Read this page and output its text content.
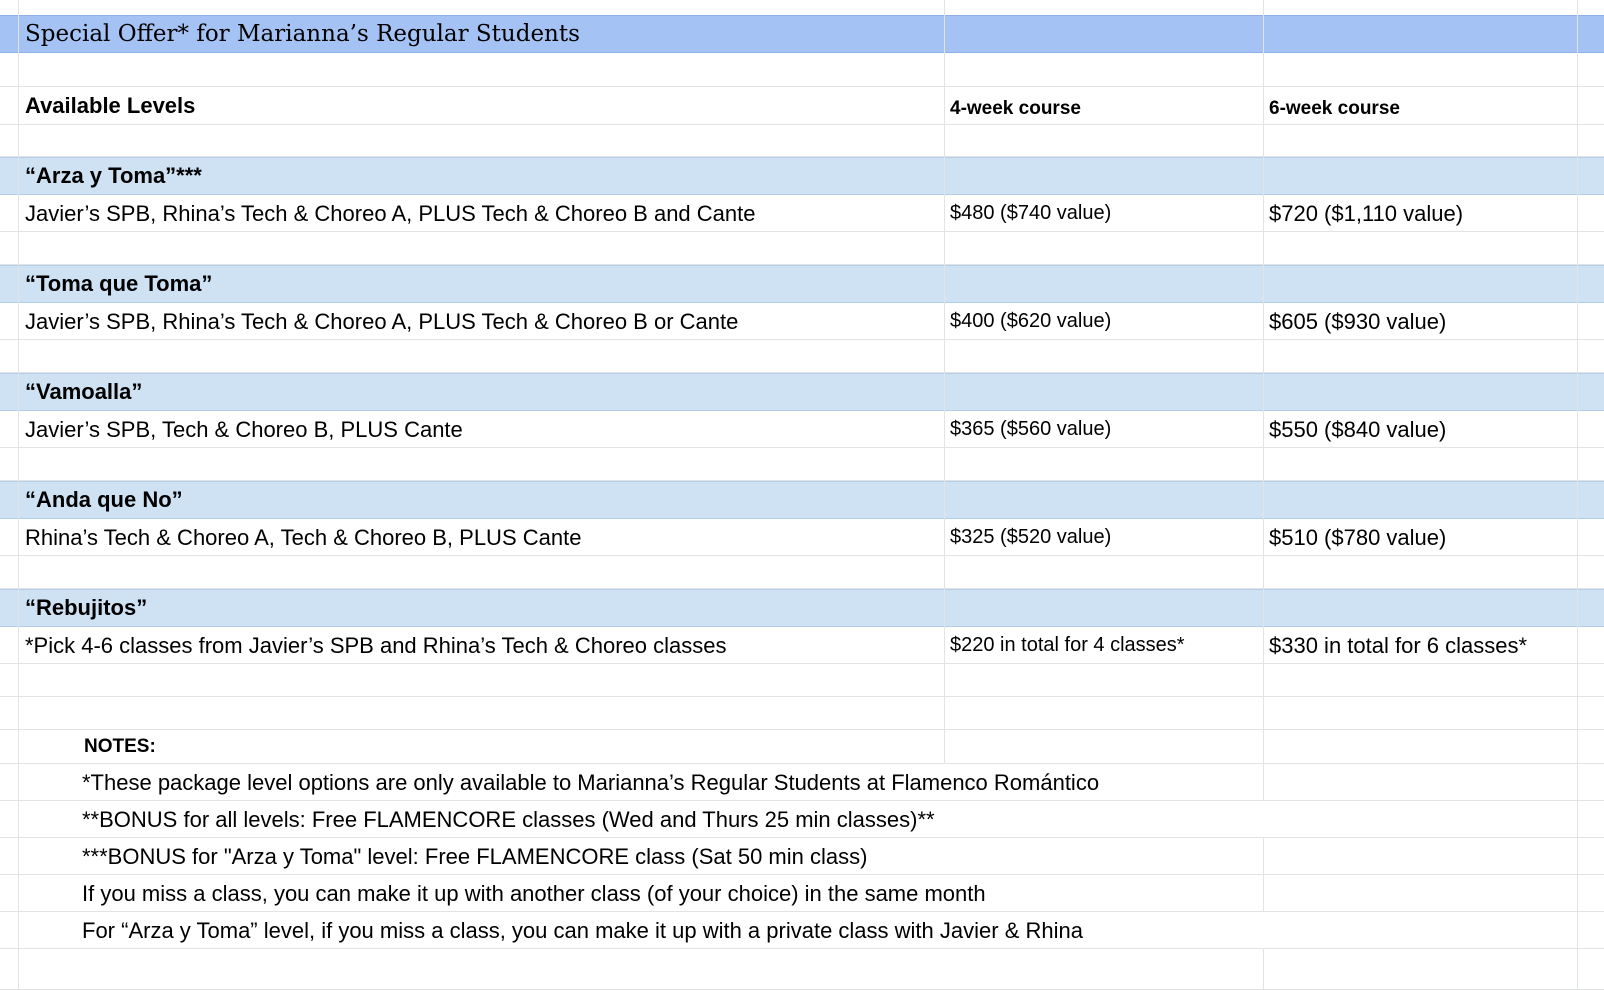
Special Offer* for Marianna’s Regular Students
Available Levels	4-week course	6-week course
“Arza y Toma”***
Javier’s SPB, Rhina’s Tech & Choreo A, PLUS Tech & Choreo B and Cante	$480 ($740 value)	$720 ($1,110 value)
“Toma que Toma”
Javier’s SPB, Rhina’s Tech & Choreo A, PLUS Tech & Choreo B or Cante	$400 ($620 value)	$605 ($930 value)
“Vamoalla”
Javier’s SPB, Tech & Choreo B, PLUS Cante	$365 ($560 value)	$550 ($840 value)
“Anda que No”
Rhina’s Tech & Choreo A, Tech & Choreo B, PLUS Cante	$325 ($520 value)	$510 ($780 value)
“Rebujitos”
*Pick 4-6 classes from Javier’s SPB and Rhina’s Tech & Choreo classes	$220 in total for 4 classes*	$330 in total for 6 classes*
NOTES:
*These package level options are only available to Marianna’s Regular Students at Flamenco Romántico
**BONUS for all levels: Free FLAMENCORE classes (Wed and Thurs 25 min classes)**
***BONUS for "Arza y Toma" level: Free FLAMENCORE class (Sat 50 min class)
If you miss a class, you can make it up with another class (of your choice) in the same month
For “Arza y Toma” level, if you miss a class, you can make it up with a private class with Javier & Rhina
